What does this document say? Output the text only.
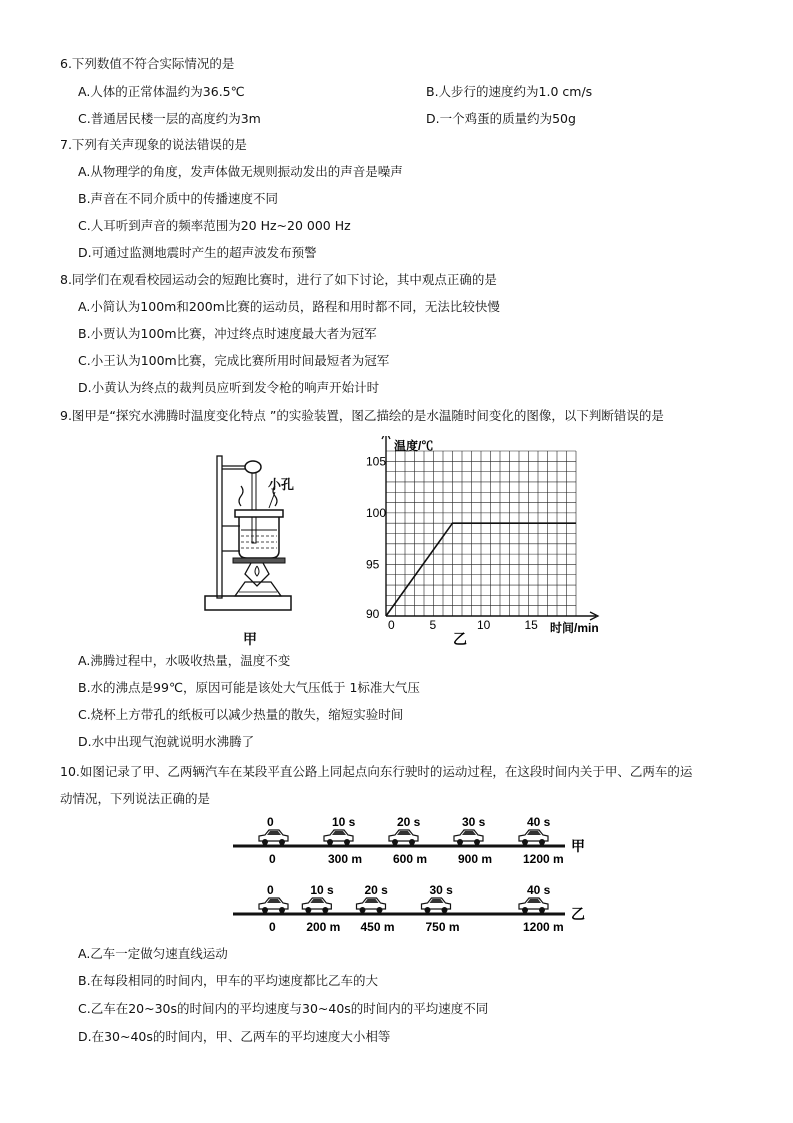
6.下列数值不符合实际情况的是
A.人体的正常体温约为36.5℃	B.人步行的速度约为1.0 cm/s
C.普通居民楼一层的高度约为3m	D.一个鸡蛋的质量约为50g
7.下列有关声现象的说法错误的是
A.从物理学的角度，发声体做无规则振动发出的声音是噪声
B.声音在不同介质中的传播速度不同
C.人耳听到声音的频率范围为20 Hz~20 000 Hz
D.可通过监测地震时产生的超声波发布预警
8.同学们在观看校园运动会的短跑比赛时，进行了如下讨论，其中观点正确的是
A.小简认为100m和200m比赛的运动员，路程和用时都不同，无法比较快慢
B.小贾认为100m比赛，冲过终点时速度最大者为冠军
C.小王认为100m比赛，完成比赛所用时间最短者为冠军
D.小黄认为终点的裁判员应听到发令枪的响声开始计时
9.图甲是“探究水沸腾时温度变化特点 ”的实验装置，图乙描绘的是水温随时间变化的图像，以下判断错误的是
小孔
甲
0	5	10	15
90
95
100
105
温度/℃
时间/min
乙
A.沸腾过程中，水吸收热量，温度不变
B.水的沸点是99℃，原因可能是该处大气压低于 1标准大气压
C.烧杯上方带孔的纸板可以减少热量的散失，缩短实验时间
D.水中出现气泡就说明水沸腾了
10.如图记录了甲、乙两辆汽车在某段平直公路上同起点向东行驶时的运动过程，在这段时间内关于甲、乙两车的运
动情况，下列说法正确的是
0
0
10 s
300 m
20 s
600 m
30 s
900 m
40 s
1200 m
甲
0
0
10 s
200 m
20 s
450 m
30 s
750 m
40 s
1200 m
乙
A.乙车一定做匀速直线运动
B.在每段相同的时间内，甲车的平均速度都比乙车的大
C.乙车在20~30s的时间内的平均速度与30~40s的时间内的平均速度不同
D.在30~40s的时间内，甲、乙两车的平均速度大小相等
